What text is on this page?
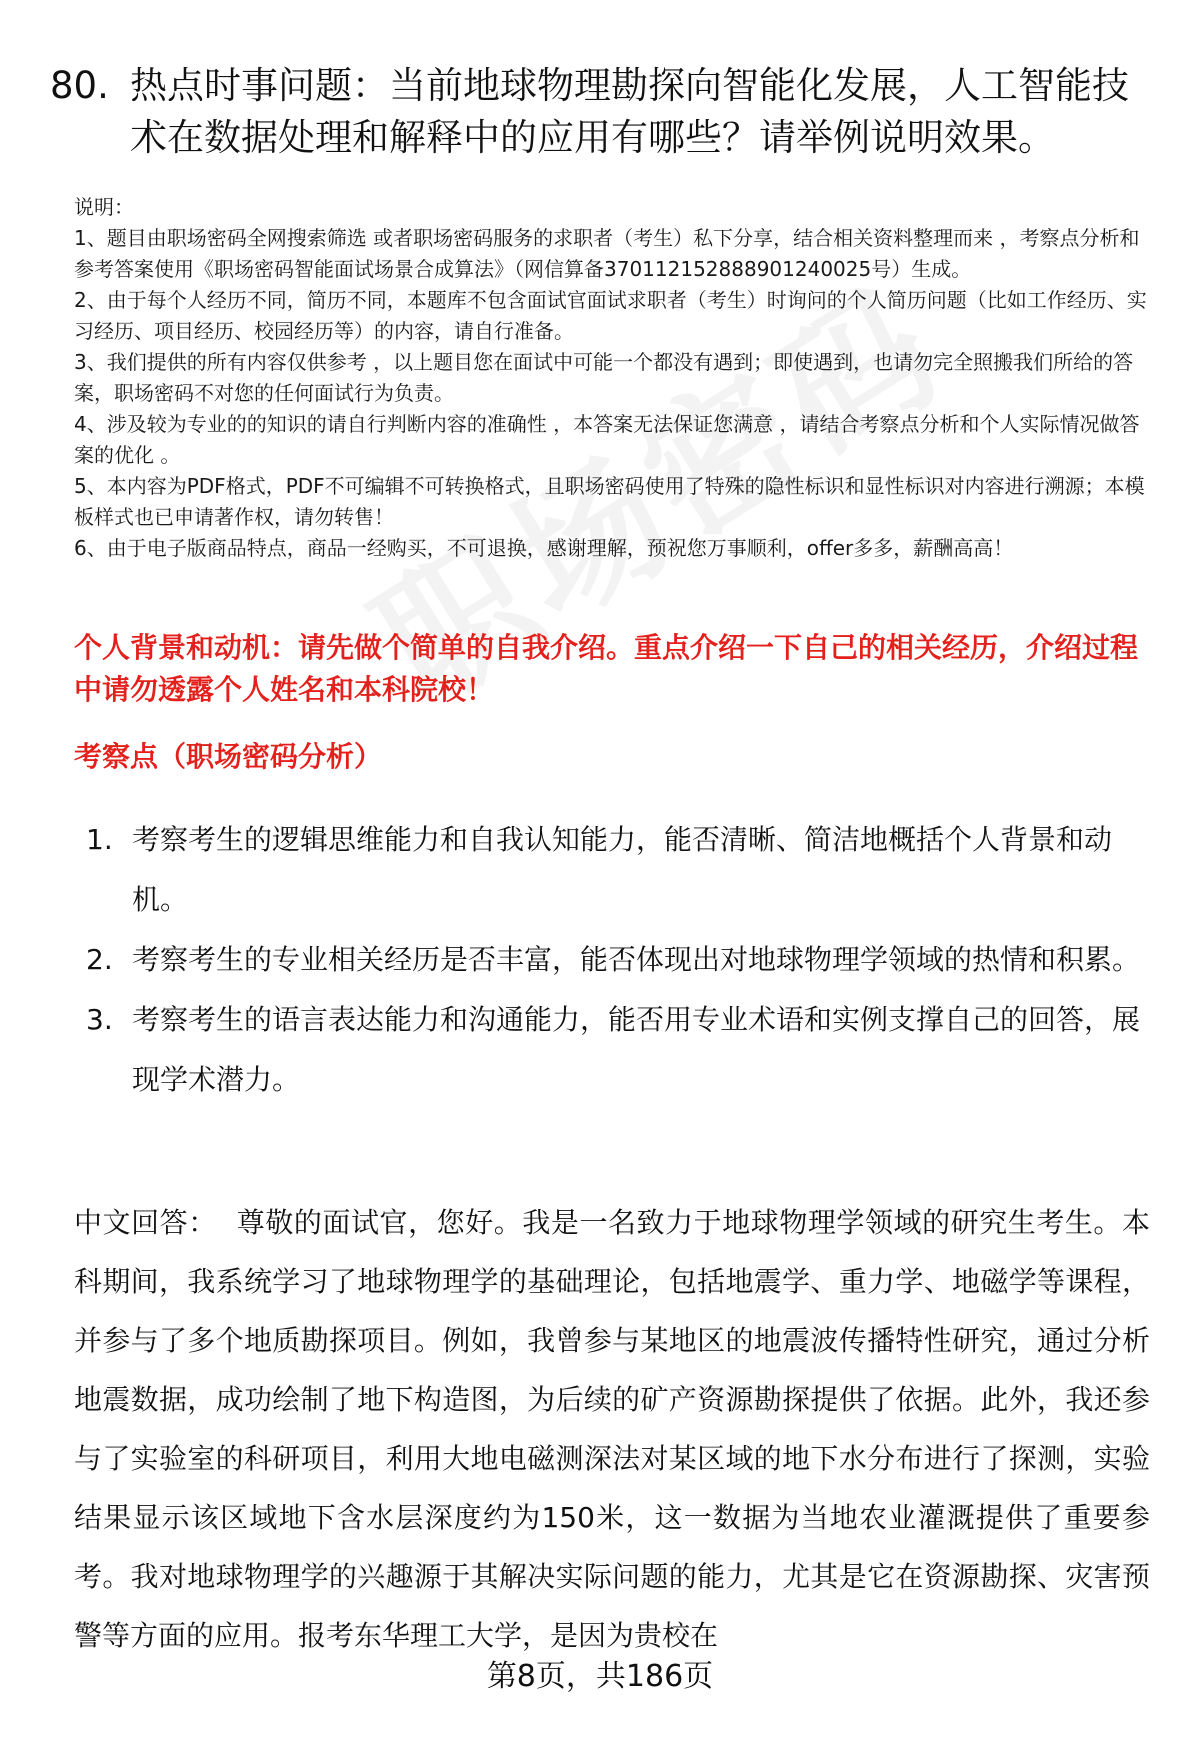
80. 热点时事问题：当前地球物理勘探向智能化发展，人工智能技术在数据处理和解释中的应用有哪些？请举例说明效果。

说明：

1、题目由职场密码全网搜索筛选 或者职场密码服务的求职者（考生）私下分享，结合相关资料整理而来 ，考察点分析和参考答案使用《职场密码智能面试场景合成算法》（网信算备370112152888901240025号）生成。

2、由于每个人经历不同，简历不同，本题库不包含面试官面试求职者（考生）时询问的个人简历问题（比如工作经历、实习经历、项目经历、校园经历等）的内容，请自行准备。

3、我们提供的所有内容仅供参考 ，以上题目您在面试中可能一个都没有遇到；即使遇到，也请勿完全照搬我们所给的答案，职场密码不对您的任何面试行为负责。

4、涉及较为专业的的知识的请自行判断内容的准确性 ，本答案无法保证您满意 ，请结合考察点分析和个人实际情况做答案的优化 。

5、本内容为PDF格式，PDF不可编辑不可转换格式，且职场密码使用了特殊的隐性标识和显性标识对内容进行溯源；本模板样式也已申请著作权，请勿转售！

6、由于电子版商品特点，商品一经购买，不可退换，感谢理解，预祝您万事顺利，offer多多，薪酬高高！

个人背景和动机：请先做个简单的自我介绍。重点介绍一下自己的相关经历，介绍过程中请勿透露个人姓名和本科院校！
考察点（职场密码分析）
1. 考察考生的逻辑思维能力和自我认知能力，能否清晰、简洁地概括个人背景和动机。
2. 考察考生的专业相关经历是否丰富，能否体现出对地球物理学领域的热情和积累。
3. 考察考生的语言表达能力和沟通能力，能否用专业术语和实例支撑自己的回答，展现学术潜力。
中文回答： 尊敬的面试官，您好。我是一名致力于地球物理学领域的研究生考生。本科期间，我系统学习了地球物理学的基础理论，包括地震学、重力学、地磁学等课程，并参与了多个地质勘探项目。例如，我曾参与某地区的地震波传播特性研究，通过分析地震数据，成功绘制了地下构造图，为后续的矿产资源勘探提供了依据。此外，我还参与了实验室的科研项目，利用大地电磁测深法对某区域的地下水分布进行了探测，实验结果显示该区域地下含水层深度约为150米，这一数据为当地农业灌溉提供了重要参考。我对地球物理学的兴趣源于其解决实际问题的能力，尤其是它在资源勘探、灾害预警等方面的应用。报考东华理工大学，是因为贵校在
第8页，共186页
